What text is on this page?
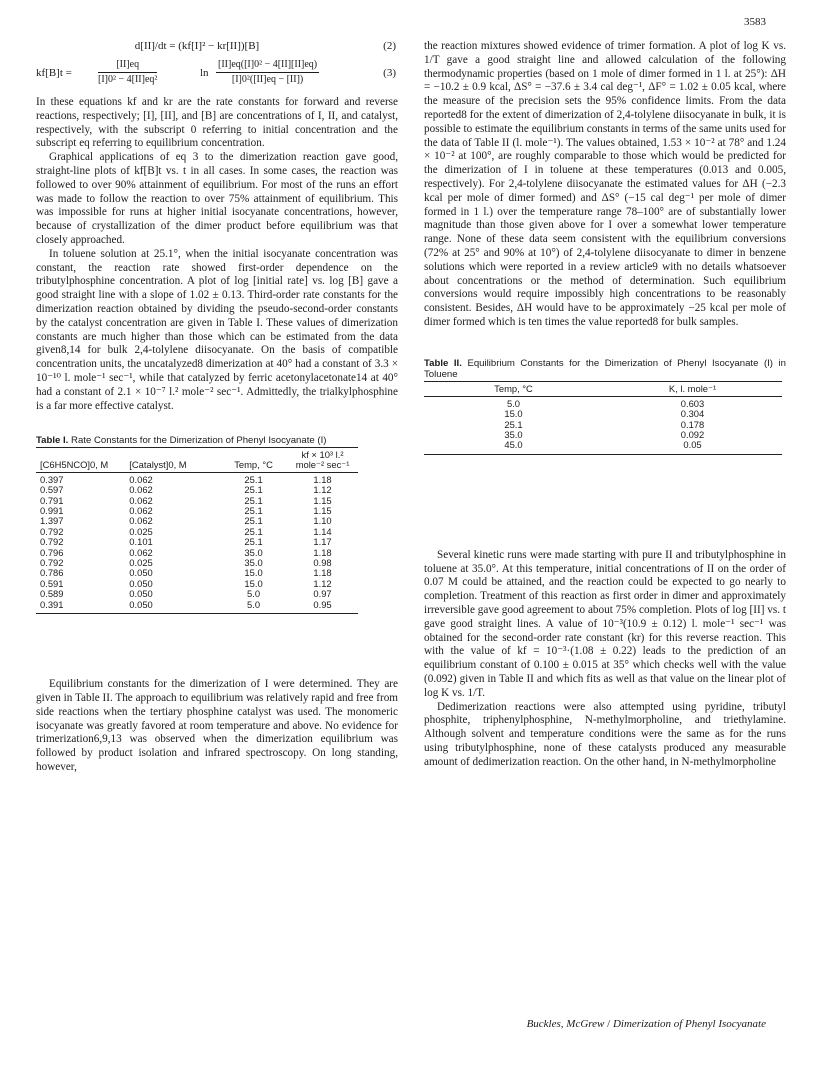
3583
d[II]/dt = (kf[I]² − kr[II])[B]	(2)
kf[B]t =	$\frac{[II]eq}{\text{[I]0² − 4[II]eq²}}$	$\ln \frac{\text{[II]eq([I]0² − 4[II][II]eq)}}{\text{[I]0²([II]eq − [II])}}$	(3)

In these equations kf and kr are the rate constants for forward and reverse reactions, respectively; [I], [II], and [B] are concentrations of I, II, and catalyst, respectively, with the subscript 0 referring to initial concentration and the subscript eq referring to equilibrium concentration.

Graphical applications of eq 3 to the dimerization reaction gave good, straight-line plots of kf[B]t vs. t in all cases. In some cases, the reaction was followed to over 90% attainment of equilibrium. For most of the runs an effort was made to follow the reaction to over 75% attainment of equilibrium. This was impossible for runs at higher initial isocyanate concentrations, however, because of crystallization of the dimer product before equilibrium was that closely approached.

In toluene solution at 25.1°, when the initial isocyanate concentration was constant, the reaction rate showed first-order dependence on the tributylphosphine concentration. A plot of log [initial rate] vs. log [B] gave a good straight line with a slope of 1.02 ± 0.13. Third-order rate constants for the dimerization reaction obtained by dividing the pseudo-second-order constants by the catalyst concentration are given in Table I. These values of dimerization constants are much higher than those which can be estimated from the data given8,14 for bulk 2,4-tolylene diisocyanate. On the basis of compatible concentration units, the uncatalyzed8 dimerization at 40° had a constant of 3.3 × 10⁻¹⁰ l. mole⁻¹ sec⁻¹, while that catalyzed by ferric acetonylacetonate14 at 40° had a constant of 2.1 × 10⁻⁷ l.² mole⁻² sec⁻¹. Admittedly, the trialkylphosphine is a far more effective catalyst.

Table I. Rate Constants for the Dimerization of Phenyl Isocyanate (I)

[C6H5NCO]0, M	[Catalyst]0, M	Temp, °C	kf × 10³ l.² mole⁻² sec⁻¹
0.397	0.062	25.1	1.18
0.597	0.062	25.1	1.12
0.791	0.062	25.1	1.15
0.991	0.062	25.1	1.15
1.397	0.062	25.1	1.10
0.792	0.025	25.1	1.14
0.792	0.101	25.1	1.17
0.796	0.062	35.0	1.18
0.792	0.025	35.0	0.98
0.786	0.050	15.0	1.18
0.591	0.050	15.0	1.12
0.589	0.050	5.0	0.97
0.391	0.050	5.0	0.95

Equilibrium constants for the dimerization of I were determined. They are given in Table II. The approach to equilibrium was relatively rapid and free from side reactions when the tertiary phosphine catalyst was used. The monomeric isocyanate was greatly favored at room temperature and above. No evidence for trimerization6,9,13 was observed when the dimerization equilibrium was followed by product isolation and infrared spectroscopy. On long standing, however,

the reaction mixtures showed evidence of trimer formation. A plot of log K vs. 1/T gave a good straight line and allowed calculation of the following thermodynamic properties (based on 1 mole of dimer formed in 1 l. at 25°): ΔH = −10.2 ± 0.9 kcal, ΔS° = −37.6 ± 3.4 cal deg⁻¹, ΔF° = 1.02 ± 0.05 kcal, where the measure of the precision sets the 95% confidence limits. From the data reported8 for the extent of dimerization of 2,4-tolylene diisocyanate in bulk, it is possible to estimate the equilibrium constants in terms of the same units used for the data of Table II (l. mole⁻¹). The values obtained, 1.53 × 10⁻² at 78° and 1.24 × 10⁻² at 100°, are roughly comparable to those which would be predicted for the dimerization of I in toluene at these temperatures (0.013 and 0.005, respectively). For 2,4-tolylene diisocyanate the estimated values for ΔH (−2.3 kcal per mole of dimer formed) and ΔS° (−15 cal deg⁻¹ per mole of dimer formed in 1 l.) over the temperature range 78–100° are of substantially lower magnitude than those given above for I over a somewhat lower temperature range. None of these data seem consistent with the equilibrium conversions (72% at 25° and 90% at 10°) of 2,4-tolylene diisocyanate to dimer in benzene solutions which were reported in a review article9 with no details whatsoever about concentrations or the method of determination. Such equilibrium conversions would require impossibly high concentrations to be reasonably consistent. Besides, ΔH would have to be approximately −25 kcal per mole of dimer formed which is ten times the value reported8 for bulk samples.

Table II. Equilibrium Constants for the Dimerization of Phenyl Isocyanate (I) in Toluene

Temp, °C	K, l. mole⁻¹
5.0	0.603
15.0	0.304
25.1	0.178
35.0	0.092
45.0	0.05

Several kinetic runs were made starting with pure II and tributylphosphine in toluene at 35.0°. At this temperature, initial concentrations of II on the order of 0.07 M could be attained, and the reaction could be expected to go nearly to completion. Treatment of this reaction as first order in dimer and approximately irreversible gave good agreement to about 75% completion. Plots of log [II] vs. t gave good straight lines. A value of 10⁻³(10.9 ± 0.12) l. mole⁻¹ sec⁻¹ was obtained for the second-order rate constant (kr) for this reverse reaction. This with the value of kf = 10⁻³·(1.08 ± 0.22) leads to the prediction of an equilibrium constant of 0.100 ± 0.015 at 35° which checks well with the value (0.092) given in Table II and which fits as well as that value on the linear plot of log K vs. 1/T.

Dedimerization reactions were also attempted using pyridine, tributyl phosphite, triphenylphosphine, N-methylmorpholine, and triethylamine. Although solvent and temperature conditions were the same as for the runs using tributylphosphine, none of these catalysts produced any measurable amount of dedimerization reaction. On the other hand, in N-methylmorpholine

Buckles, McGrew / Dimerization of Phenyl Isocyanate
